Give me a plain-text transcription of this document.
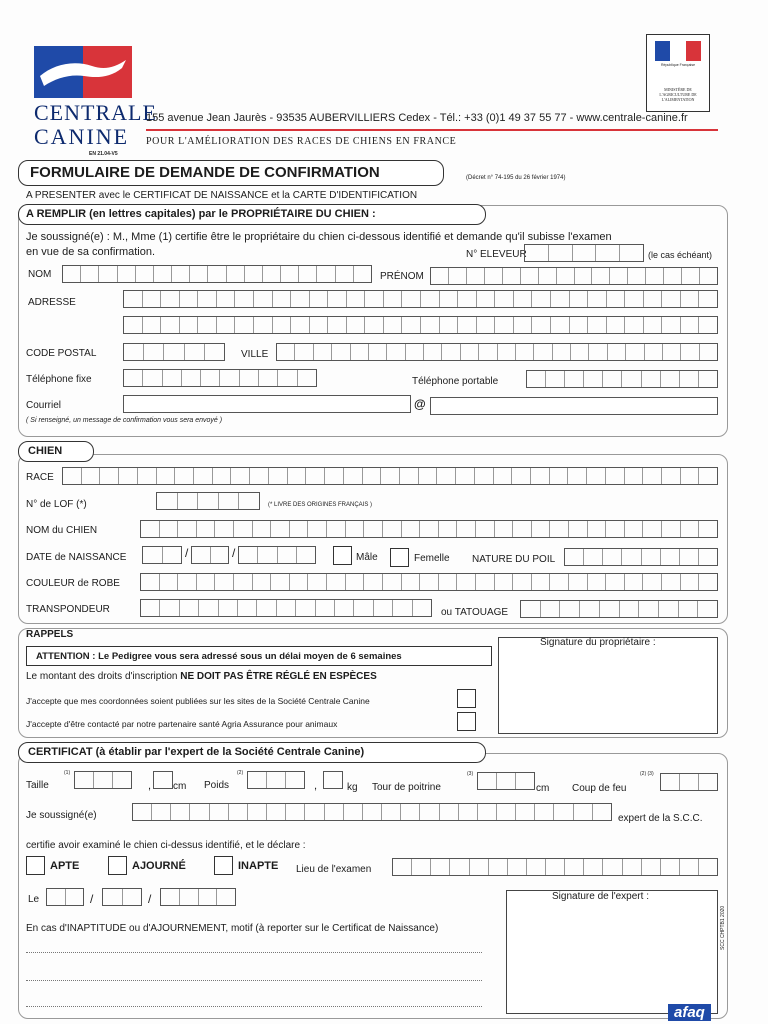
CENTRALE
CANINE
155 avenue Jean Jaurès - 93535 AUBERVILLIERS Cedex - Tél.: +33 (0)1 49 37 55 77 - www.centrale-canine.fr
POUR L'AMÉLIORATION DES RACES DE CHIENS EN FRANCE
EN 21.04-V5
République Française
MINISTÈRE DE L'AGRICULTURE DE L'ALIMENTATION
FORMULAIRE DE DEMANDE DE CONFIRMATION	(Décret n° 74-195 du 26 février 1974)
A PRESENTER avec le CERTIFICAT DE NAISSANCE et la CARTE D'IDENTIFICATION
A REMPLIR (en lettres capitales) par le PROPRIÉTAIRE DU CHIEN :
Je soussigné(e) : M., Mme (1) certifie être le propriétaire du chien ci-dessous identifié et demande qu'il subisse l'examen
en vue de sa confirmation.	N° ELEVEUR	(le cas échéant)
NOM	PRÉNOM
ADRESSE
CODE POSTAL	VILLE
Téléphone fixe	Téléphone portable
Courriel	@
( Si renseigné, un message de confirmation vous sera envoyé )
CHIEN
RACE
N° de LOF (*)	(* LIVRE DES ORIGINES FRANÇAIS )
NOM du CHIEN
DATE de NAISSANCE	/	/	Mâle	Femelle NATURE DU POIL
COULEUR de ROBE
TRANSPONDEUR	ou TATOUAGE
RAPPELS
ATTENTION : Le Pedigree vous sera adressé sous un délai moyen de 6 semaines
Le montant des droits d'inscription NE DOIT PAS ÊTRE RÉGLÉ EN ESPÈCES
J'accepte que mes coordonnées soient publiées sur les sites de la Société Centrale Canine
J'accepte d'être contacté par notre partenaire santé Agria Assurance pour animaux
Signature du propriétaire :
CERTIFICAT (à établir par l'expert de la Société Centrale Canine)
Taille
(1)
, cm Poids
(2)
,	kg Tour de poitrine
(3)
cm Coup de feu
(2) (3)
Je soussigné(e)	expert de la S.C.C.
certifie avoir examiné le chien ci-dessus identifié, et le déclare :
APTE	AJOURNÉ	INAPTE Lieu de l'examen
Le	/	/
En cas d'INAPTITUDE ou d'AJOURNEMENT, motif (à reporter sur le Certificat de Naissance)
Signature de l'expert :
SCC CHPTB1 2020
afaq
